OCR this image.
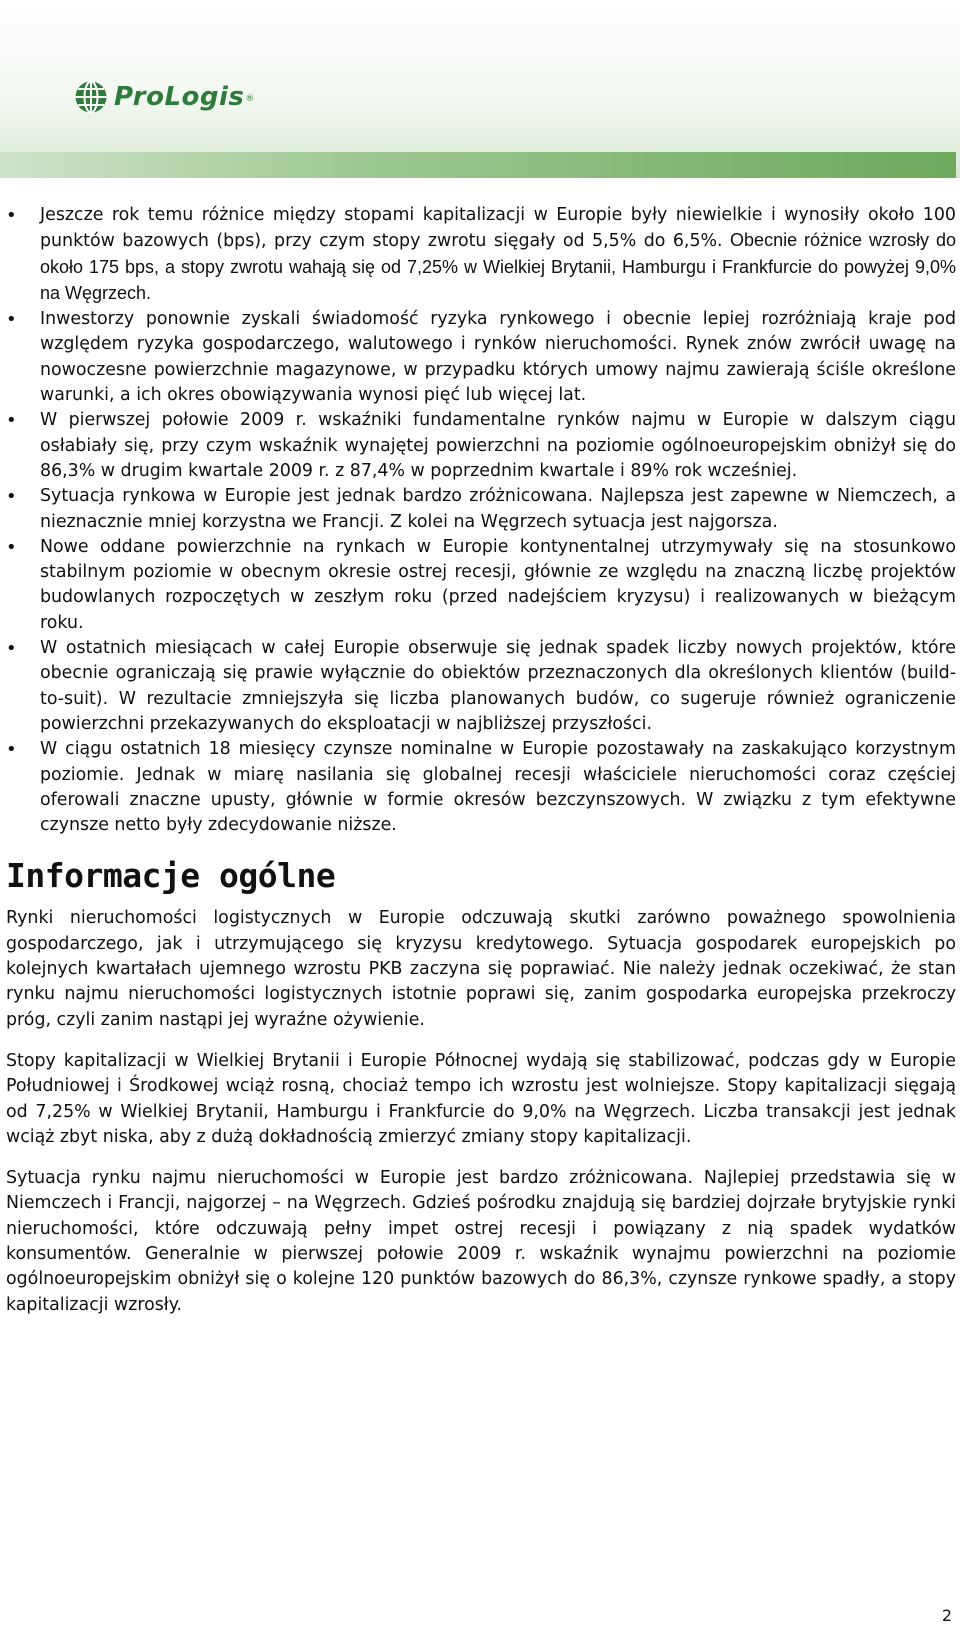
ProLogis ®
• Jeszcze rok temu różnice między stopami kapitalizacji w Europie były niewielkie i wynosiły około 100 punktów bazowych (bps), przy czym stopy zwrotu sięgały od 5,5% do 6,5%. Obecnie różnice wzrosły do około 175 bps, a stopy zwrotu wahają się od 7,25% w Wielkiej Brytanii, Hamburgu i Frankfurcie do powyżej 9,0% na Węgrzech.
• Inwestorzy ponownie zyskali świadomość ryzyka rynkowego i obecnie lepiej rozróżniają kraje pod względem ryzyka gospodarczego, walutowego i rynków nieruchomości. Rynek znów zwrócił uwagę na nowoczesne powierzchnie magazynowe, w przypadku których umowy najmu zawierają ściśle określone warunki, a ich okres obowiązywania wynosi pięć lub więcej lat.
• W pierwszej połowie 2009 r. wskaźniki fundamentalne rynków najmu w Europie w dalszym ciągu osłabiały się, przy czym wskaźnik wynajętej powierzchni na poziomie ogólnoeuropejskim obniżył się do 86,3% w drugim kwartale 2009 r. z 87,4% w poprzednim kwartale i 89% rok wcześniej.
• Sytuacja rynkowa w Europie jest jednak bardzo zróżnicowana. Najlepsza jest zapewne w Niemczech, a nieznacznie mniej korzystna we Francji. Z kolei na Węgrzech sytuacja jest najgorsza.
• Nowe oddane powierzchnie na rynkach w Europie kontynentalnej utrzymywały się na stosunkowo stabilnym poziomie w obecnym okresie ostrej recesji, głównie ze względu na znaczną liczbę projektów budowlanych rozpoczętych w zeszłym roku (przed nadejściem kryzysu) i realizowanych w bieżącym roku.
• W ostatnich miesiącach w całej Europie obserwuje się jednak spadek liczby nowych projektów, które obecnie ograniczają się prawie wyłącznie do obiektów przeznaczonych dla określonych klientów (build-to-suit). W rezultacie zmniejszyła się liczba planowanych budów, co sugeruje również ograniczenie powierzchni przekazywanych do eksploatacji w najbliższej przyszłości.
• W ciągu ostatnich 18 miesięcy czynsze nominalne w Europie pozostawały na zaskakująco korzystnym poziomie. Jednak w miarę nasilania się globalnej recesji właściciele nieruchomości coraz częściej oferowali znaczne upusty, głównie w formie okresów bezczynszowych. W związku z tym efektywne czynsze netto były zdecydowanie niższe.
Informacje ogólne

Rynki nieruchomości logistycznych w Europie odczuwają skutki zarówno poważnego spowolnienia gospodarczego, jak i utrzymującego się kryzysu kredytowego. Sytuacja gospodarek europejskich po kolejnych kwartałach ujemnego wzrostu PKB zaczyna się poprawiać. Nie należy jednak oczekiwać, że stan rynku najmu nieruchomości logistycznych istotnie poprawi się, zanim gospodarka europejska przekroczy próg, czyli zanim nastąpi jej wyraźne ożywienie.

Stopy kapitalizacji w Wielkiej Brytanii i Europie Północnej wydają się stabilizować, podczas gdy w Europie Południowej i Środkowej wciąż rosną, chociaż tempo ich wzrostu jest wolniejsze. Stopy kapitalizacji sięgają od 7,25% w Wielkiej Brytanii, Hamburgu i Frankfurcie do 9,0% na Węgrzech. Liczba transakcji jest jednak wciąż zbyt niska, aby z dużą dokładnością zmierzyć zmiany stopy kapitalizacji.

Sytuacja rynku najmu nieruchomości w Europie jest bardzo zróżnicowana. Najlepiej przedstawia się w Niemczech i Francji, najgorzej – na Węgrzech. Gdzieś pośrodku znajdują się bardziej dojrzałe brytyjskie rynki nieruchomości, które odczuwają pełny impet ostrej recesji i powiązany z nią spadek wydatków konsumentów. Generalnie w pierwszej połowie 2009 r. wskaźnik wynajmu powierzchni na poziomie ogólnoeuropejskim obniżył się o kolejne 120 punktów bazowych do 86,3%, czynsze rynkowe spadły, a stopy kapitalizacji wzrosły.

2
